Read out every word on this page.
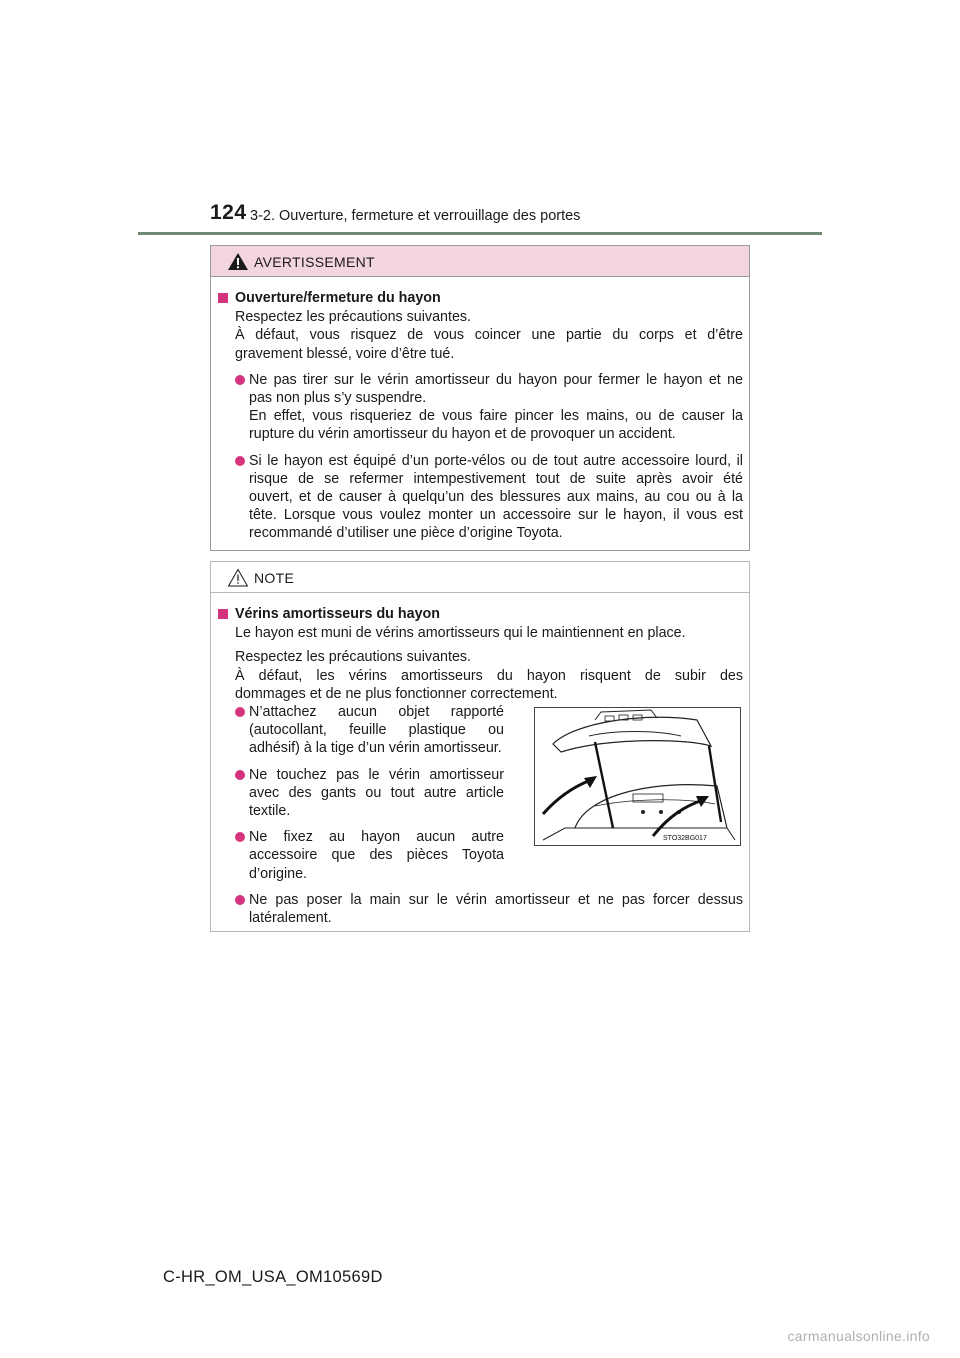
124 3-2. Ouverture, fermeture et verrouillage des portes
AVERTISSEMENT
Ouverture/fermeture du hayon
Respectez les précautions suivantes.
À défaut, vous risquez de vous coincer une partie du corps et d’être
gravement blessé, voire d’être tué.
Ne pas tirer sur le vérin amortisseur du hayon pour fermer le hayon et ne
pas non plus s’y suspendre.
En effet, vous risqueriez de vous faire pincer les mains, ou de causer la
rupture du vérin amortisseur du hayon et de provoquer un accident.
Si le hayon est équipé d’un porte-vélos ou de tout autre accessoire lourd, il
risque de se refermer intempestivement tout de suite après avoir été
ouvert, et de causer à quelqu’un des blessures aux mains, au cou ou à la
tête. Lorsque vous voulez monter un accessoire sur le hayon, il vous est
recommandé d’utiliser une pièce d’origine Toyota.
NOTE
Vérins amortisseurs du hayon
Le hayon est muni de vérins amortisseurs qui le maintiennent en place.
Respectez les précautions suivantes.
À défaut, les vérins amortisseurs du hayon risquent de subir des
dommages et de ne plus fonctionner correctement.
N’attachez aucun objet rapporté
(autocollant, feuille plastique ou
adhésif) à la tige d’un vérin amortisseur.
Ne touchez pas le vérin amortisseur
avec des gants ou tout autre article
textile.
Ne fixez au hayon aucun autre
accessoire que des pièces Toyota
d’origine.
STO32BG017
Ne pas poser la main sur le vérin amortisseur et ne pas forcer dessus
latéralement.
C-HR_OM_USA_OM10569D
carmanualsonline.info
